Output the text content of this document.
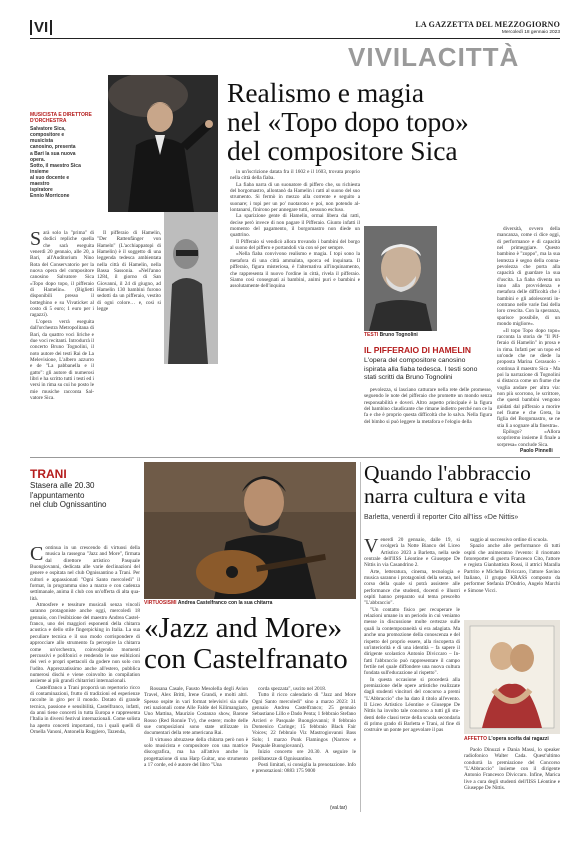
VI	LA GAZZETTA DEL MEZZOGIORNO
Mercoledì 18 gennaio 2023
VIVILACITTÀ
MUSICISTA E DIRETTORE D'ORCHESTRA
Salvatore Sica,
compositore e
musicista
canosino, presenta
a Bari la sua nuova
opera.
Sotto, il maestro Sica
insieme
al suo docente e
maestro
ispiratore
Ennio Morricone
Realismo e magia
nel «Topo dopo topo»
del compositore Sica

Sarà solo la "prima" di dodici repliche quella che sarà eseguita venerdì 20 gennaio, alle 20, a Bari, all'Auditorium Nino Rota del Conservatorio per la nuova opera del compositore canosino Salvatore Sica «Topo dopo topo, il pifferaio di Hamelin». (Biglietti disponibili presso il botteghino e su Vivaticket al costo di 5 euro; 1 euro per i ragazzi).

L'opera verrà eseguita dall'orchestra Metropolitana di Bari, da quattro voci liriche e due voci recitanti. Introdurrà il concerto Bruno Tognolini, il noto autore dei testi Rai de La Melevisione, L'albero azzurro e de "La pabbanella e il gatto": gli autore di numerosi libri e ha scritto tutti i testi ed i versi in rima su cui ho posto le mie musiche racconta Salvatore Sica.

Il pifferaio di Hamelin, "Der Rattenfänger von Hameln" (L'acchiappatopi di Hamelin) è il soggetto di una leggenda tedesca ambientata nella città di Hamelin, nella Bassa Sassonia. «Nell'anno 1284, il giorno di San Giovanni, il 24 di giugno, ad Hamelin 130 bambini furono sedotti da un pifferaio, vestito di ogni colore… e, così si legge

in un'iscrizione datata fra il 1602 e il 1603, trovata proprio nella città della fiaba.

La fiaba narra di un suonatore di piffero che, su richiesta del borgomastro, allontanò da Hamelin i ratti al suono del suo strumento. Si fermò in mezzo alla corrente e seguito a suonare; i topi per un po' nuotarono e poi, non potendo allontanarsi, finirono per annegare tutti, nessuno escluso.

La sparizione gente di Hamelin, ormai libera dai ratti, decise però invece di non pagare il Pifferaio. Giunto infatti il momento del pagamento, il borgomastro non diede un quattrino.

Il Pifferaio si vendicò allora trovando i bambini del borgo al suono del piffero e portandoli via con sé per sempre.

«Nella fiaba convivono realismo e magia. I topi sono la metafora di una città ammalata, sporca ed inquinata. Il pifferaio, figura misteriosa, è l'alternativa all'inquinamento, che rappresenta il nuovo l'ordine in città, rivela il pifferaio. Siamo così consegnati ai bambini, animi puri e bambini e assolutamente dell'inquina

TESTI Bruno Tognolini
IL PIFFERAIO DI HAMELIN
L'opera del compositore canosino
ispirata alla fiaba tedesca. I testi sono
stati scritti da Bruno Tognolini

pevolezza, si lasciano catturare nella rete delle promesse, seguendo le note del pifferaio che promette un mondo senza responsabilità e doveri. Altro aspetto principale è la figura del bambino claudicante che rimane indietro perché non ce la fa e che è proprio questa difficoltà che lo salva. Nella figura del bimbo si può leggere la metafora e l'elogio della

diversità, ovvero della mancanza, come ci dice oggi, di performance e di capacità nel primeggiare. Questo bambino è "zoppo", ma la sua lentezza è segno della connapevolezza che porta alla capacità di guardare la sua d'uscita. La fiaba diventa un inno alla provvidenza e metafora delle difficoltà che i bambini e gli adolescenti incontrano nelle varie fasi della loro crescita. Con la speranza, sparisce possibile, di un mondo migliore».

«Il topo Topo dopo topo» racconta la storia de "Il Pifferaio di Hamelin" in prosa e in rima. Infatti per un topo ed un'onde che ne diede la proposta Marina Cerasuolo - continua il maestro Sica - Ma poi la narrazione di Tognolini si distacca come un fiume che voglia andare per altra via: non più scorrono, le scrittore, che questi bambini vengono guidati dal pifferaio a morire nel fiume e che Greta, la figlia del Borgomastro, se ne stia lì a sognare alla finestra».

Epilogo? «Allora scopriremo insieme il finale a sorpresa» conclude Sica.

Paolo Pinnelli
TRANI
Stasera alle 20.30
l'appuntamento
nel club Ognissantino
VIRTUOSISMI Andrea Castelfranco con la sua chitarra
«Jazz and More»
con Castelfranato

Continua in un crescendo di virtuosi della musica la rassegna "Jazz and More", firmata dal direttore artistico Pasquale Buongiovanni, dedicata alle varie declinazioni del genere e ospitata nel club Ognissantino a Trani. Per cultori e appassionati "Ogni Santo mercoledì" il format, in programma sino a marzo e con cadenza settimanale, anima il club con un'offerta di alta qualità.

Atmosfere e tessiture musicali senza vincoli saranno protagoniste anche oggi, mercoledì 18 gennaio, con l'esibizione del maestro Andrea Castelfranco, uno dei maggiori esponenti della chitarra acustica e dello stile fingerpicking in Italia. La sua peculiare tecnica e il suo modo corrispondere di approcciare allo strumento fa percepire la chitarra come un'orchestra, coinvolgendo momenti percussivi e polifonici e rendendo le sue esibizioni dei veri e propri spettacoli da godere non solo con l'udito. Apprezzatissimo anche all'estero, pubblica numerosi dischi e viene coinvolto in compilation assieme ai più grandi chitarristi internazionali.

Castelfranco a Trani proporrà un repertorio ricco di contaminazioni, frutto di tradizioni ed esperienze raccolte in giro per il mondo. Dotato di grande tecnica, passione e sensibilità, Castelfranco, infatti, da anni tiene concerti in tutta Europa e rappresenta l'Italia in diversi festival internazionali. Come solista ha aperto concerti importanti, tra i quali quelli di Ornella Vanoni, Antonella Ruggiero, Tazenda,

Rossana Casale, Fausto Mesolella degli Avion Travel, Alex Britti, Irene Grandi, e molti altri. Spesso ospite in vari format televisivi sia sulle reti nazionali come Alle Falde del Kilimangiaro, Uno Mattina, Maurizio Costanzo show, Barone Rosso (Red Ronnie Tv), che estere; molte delle sue composizioni sono state utilizzate in documentari della rete americana Rai.

Il virtuoso abruzzese della chitarra però non è solo musicista e compositore con una matrice discografica, ma ha all'attivo anche la progettazione di una Harp Guitar, uno strumento a 17 corde, ed è autore del libro "Una

corda spezzata", uscito nel 2018.

Tutto il ricco calendario di "Jazz and More Ogni Santo mercoledì" sino a marzo 2023: 31 gennaio Andrea Castelfranco; 25 gennaio Sebastiano Lillo e Dado Penta; 1 febbraio Stefano Arcieri e Pasquale Buongiovanni; 8 febbraio Domenico Caringe; 15 febbraio Black Fair Voices; 22 febbraio Viz Mastrogiovanni Bass Solo; 1 marzo Punk Flamingos (Narrow e Pasquale Buongiovanni).

Inizio concerto ore 20.30. A seguire le prelibatezze di Ognissantino.

Posti limitati, si consiglia la prenotazione. Info e prenotazioni: 0883 175 9000

(val.tar)
Quando l'abbraccio
narra cultura e vita
Barletta, venerdì il reporter Cito all'Iiss «De Nittis»

Venerdì 20 gennaio, dalle 19, si svolgerà la Notte Bianco del Liceo Artistico 2023 a Barletta, nella sede centrale dell'IISS Léontine e Giuseppe De Nittis in via Casandrino 2.

Arte, letteratura, cinema, tecnologia e musica saranno i protagonisti della serata, nel corso della quale si potrà assistere alle performance che studenti, docenti e illustri ospiti hanno preparato sul tema prescelto "L'abbraccio".

"Un contatto fisico per recuperare le relazioni umane in un periodo in cui veniamo messe in discussione molte certezze sulle quali la contemporaneità si era adagiata. Ma anche una promozione della conoscenza e del rispetto del proprio essere, alla riscoperta di un'interiorità e di una identità – fa sapere il dirigente scolastico Antonio Diviccaro – Infatti l'abbraccio può rappresentare il campo fertile nel quale diffondere una nuova cultura fondata sull'educazione al rispetto".

In questa occasione si procederà alla premiazione delle opere artistiche realizzate dagli studenti vincitori del concorso a premi "L'Abbraccio" che ha dato il titolo all'evento. Il Liceo Artistico Léontine e Giuseppe De Nittis ha involto tale concorso a tutti gli studenti delle classi terze della scuola secondaria di primo grado di Barletta e Trani, al fine di costruire un ponte per agevolare il pas

saggio al successivo ordine di scuola.

Spazio anche alle performance di tutti ospiti che animeranno l'evento: il rinomato fotoreporter di guerra Francesco Cito, l'attore e regista Gianbattista Rossi, il attrici Maralla Partrito e Michela Diviccaro, l'attore Savino Italiano, il gruppo KRASS composto da performer Stefania D'Ondrio, Angelo Marchi e Simone Vicci.

AFFETTO L'opera scelta dai ragazzi

Paolo Dinuzzi e Dania Massi, lo speaker radiofonico Walter Cada. Quest'ultimo condurrà la premiazione del Concorso "L'Abbraccio" insieme con il dirigente Antonio Francesco Diviccaro. Infine, Marica live a cura degli studenti dell'IISS Léontine e Giuseppe De Nittis.
